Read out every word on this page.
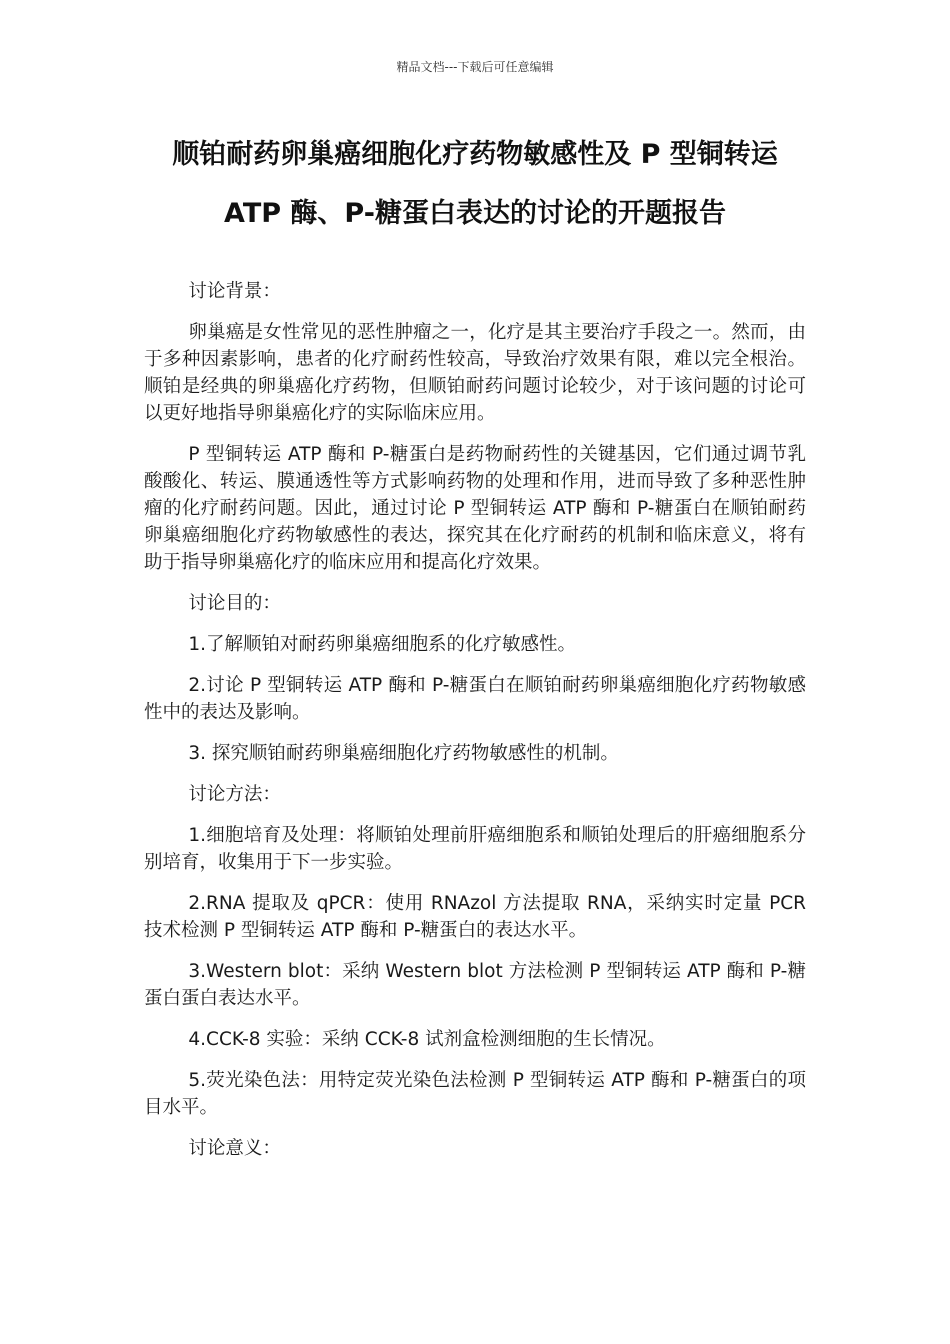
精品文档---下载后可任意编辑
顺铂耐药卵巢癌细胞化疗药物敏感性及 P 型铜转运
ATP 酶、P-糖蛋白表达的讨论的开题报告

讨论背景：

卵巢癌是女性常见的恶性肿瘤之一，化疗是其主要治疗手段之一。然而，由于多种因素影响，患者的化疗耐药性较高，导致治疗效果有限，难以完全根治。顺铂是经典的卵巢癌化疗药物，但顺铂耐药问题讨论较少，对于该问题的讨论可以更好地指导卵巢癌化疗的实际临床应用。

P 型铜转运 ATP 酶和 P-糖蛋白是药物耐药性的关键基因，它们通过调节乳酸酸化、转运、膜通透性等方式影响药物的处理和作用，进而导致了多种恶性肿瘤的化疗耐药问题。因此，通过讨论 P 型铜转运 ATP 酶和 P-糖蛋白在顺铂耐药卵巢癌细胞化疗药物敏感性的表达，探究其在化疗耐药的机制和临床意义，将有助于指导卵巢癌化疗的临床应用和提高化疗效果。

讨论目的：

1.了解顺铂对耐药卵巢癌细胞系的化疗敏感性。

2.讨论 P 型铜转运 ATP 酶和 P-糖蛋白在顺铂耐药卵巢癌细胞化疗药物敏感性中的表达及影响。

3. 探究顺铂耐药卵巢癌细胞化疗药物敏感性的机制。

讨论方法：

1.细胞培育及处理：将顺铂处理前肝癌细胞系和顺铂处理后的肝癌细胞系分别培育，收集用于下一步实验。

2.RNA 提取及 qPCR：使用 RNAzol 方法提取 RNA，采纳实时定量 PCR 技术检测 P 型铜转运 ATP 酶和 P-糖蛋白的表达水平。

3.Western blot：采纳 Western blot 方法检测 P 型铜转运 ATP 酶和 P-糖蛋白蛋白表达水平。

4.CCK-8 实验：采纳 CCK-8 试剂盒检测细胞的生长情况。

5.荧光染色法：用特定荧光染色法检测 P 型铜转运 ATP 酶和 P-糖蛋白的项目水平。

讨论意义：
